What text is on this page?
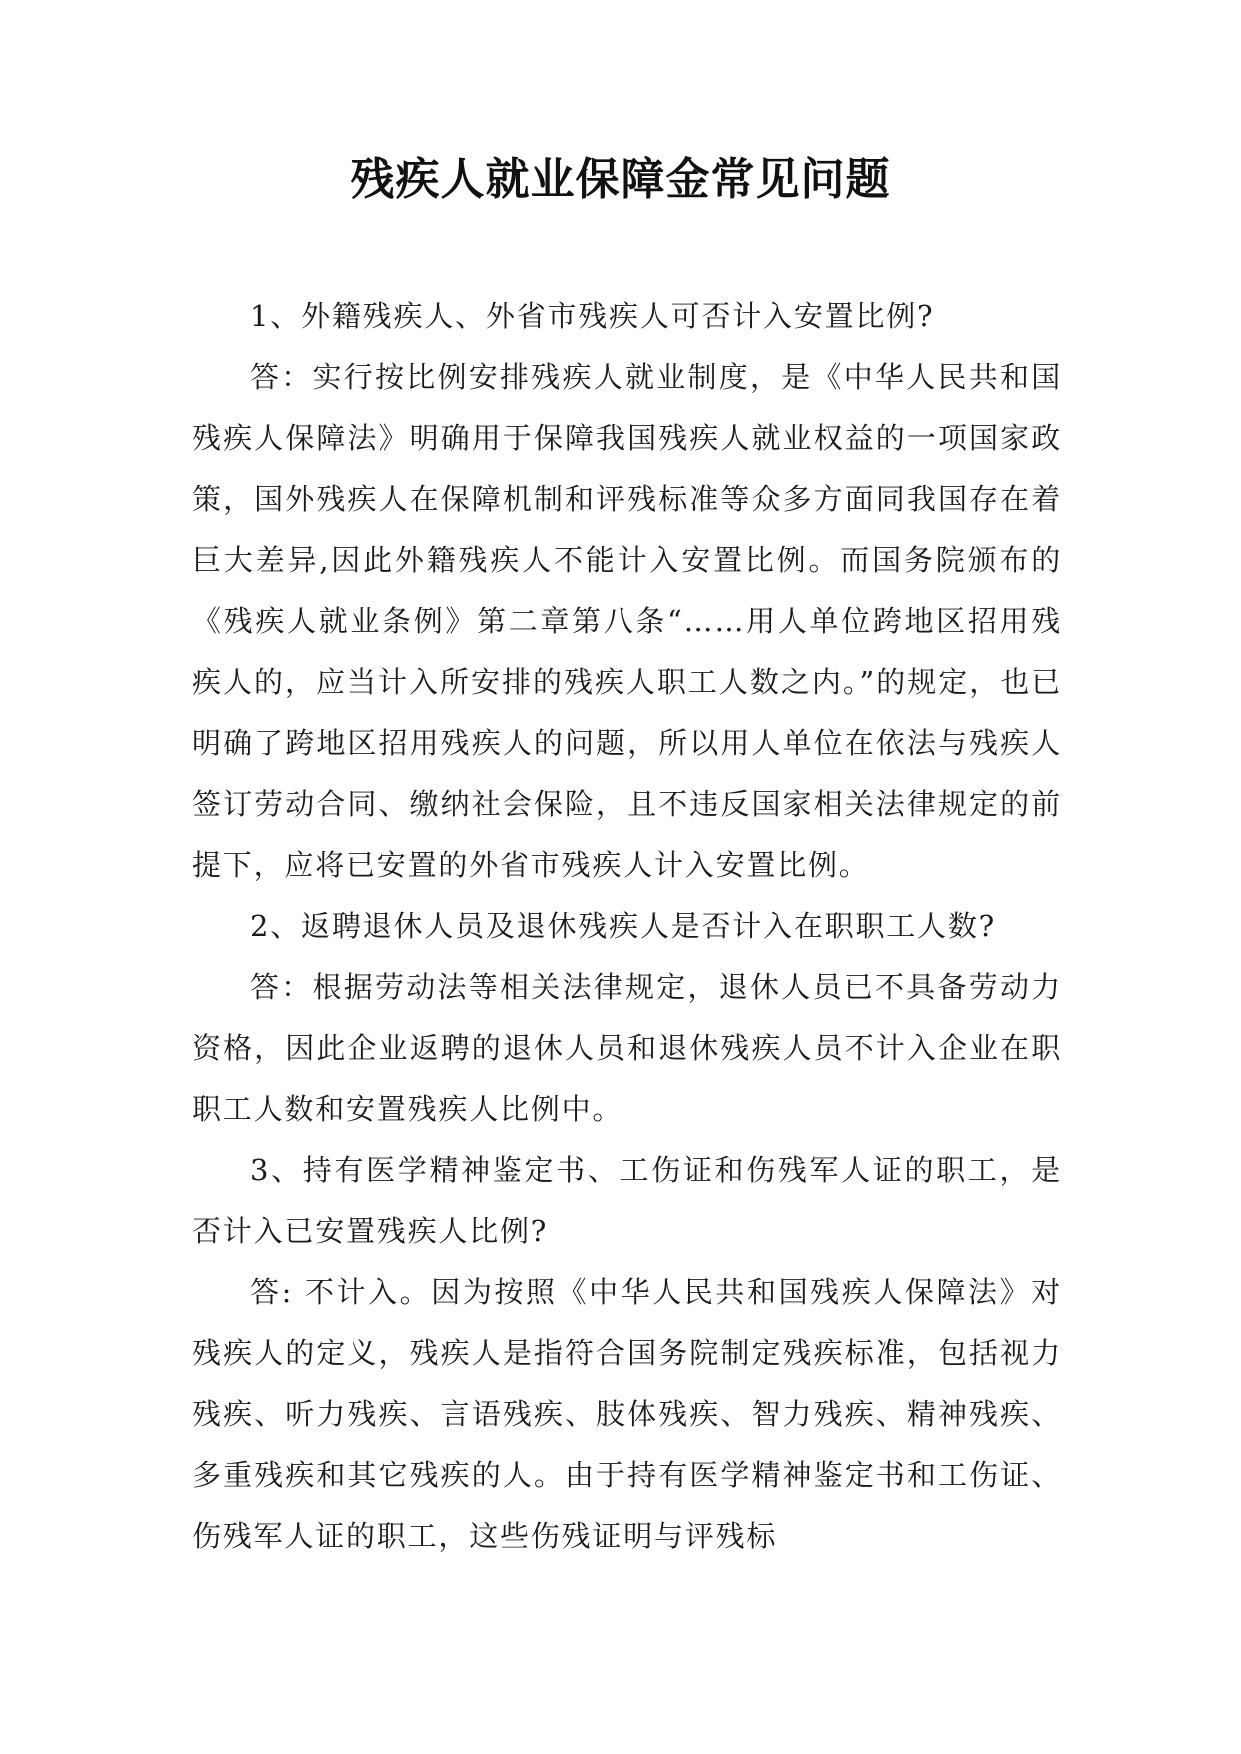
残疾人就业保障金常见问题

1、外籍残疾人、外省市残疾人可否计入安置比例?

答：实行按比例安排残疾人就业制度，是《中华人民共和国残疾人保障法》明确用于保障我国残疾人就业权益的一项国家政策，国外残疾人在保障机制和评残标准等众多方面同我国存在着巨大差异,因此外籍残疾人不能计入安置比例。而国务院颁布的《残疾人就业条例》第二章第八条“……用人单位跨地区招用残疾人的，应当计入所安排的残疾人职工人数之内。”的规定，也已明确了跨地区招用残疾人的问题，所以用人单位在依法与残疾人签订劳动合同、缴纳社会保险，且不违反国家相关法律规定的前提下，应将已安置的外省市残疾人计入安置比例。

2、返聘退休人员及退休残疾人是否计入在职职工人数?

答：根据劳动法等相关法律规定，退休人员已不具备劳动力资格，因此企业返聘的退休人员和退休残疾人员不计入企业在职职工人数和安置残疾人比例中。

3、持有医学精神鉴定书、工伤证和伤残军人证的职工，是否计入已安置残疾人比例?

答: 不计入。因为按照《中华人民共和国残疾人保障法》对残疾人的定义，残疾人是指符合国务院制定残疾标准，包括视力残疾、听力残疾、言语残疾、肢体残疾、智力残疾、精神残疾、多重残疾和其它残疾的人。由于持有医学精神鉴定书和工伤证、伤残军人证的职工，这些伤残证明与评残标
